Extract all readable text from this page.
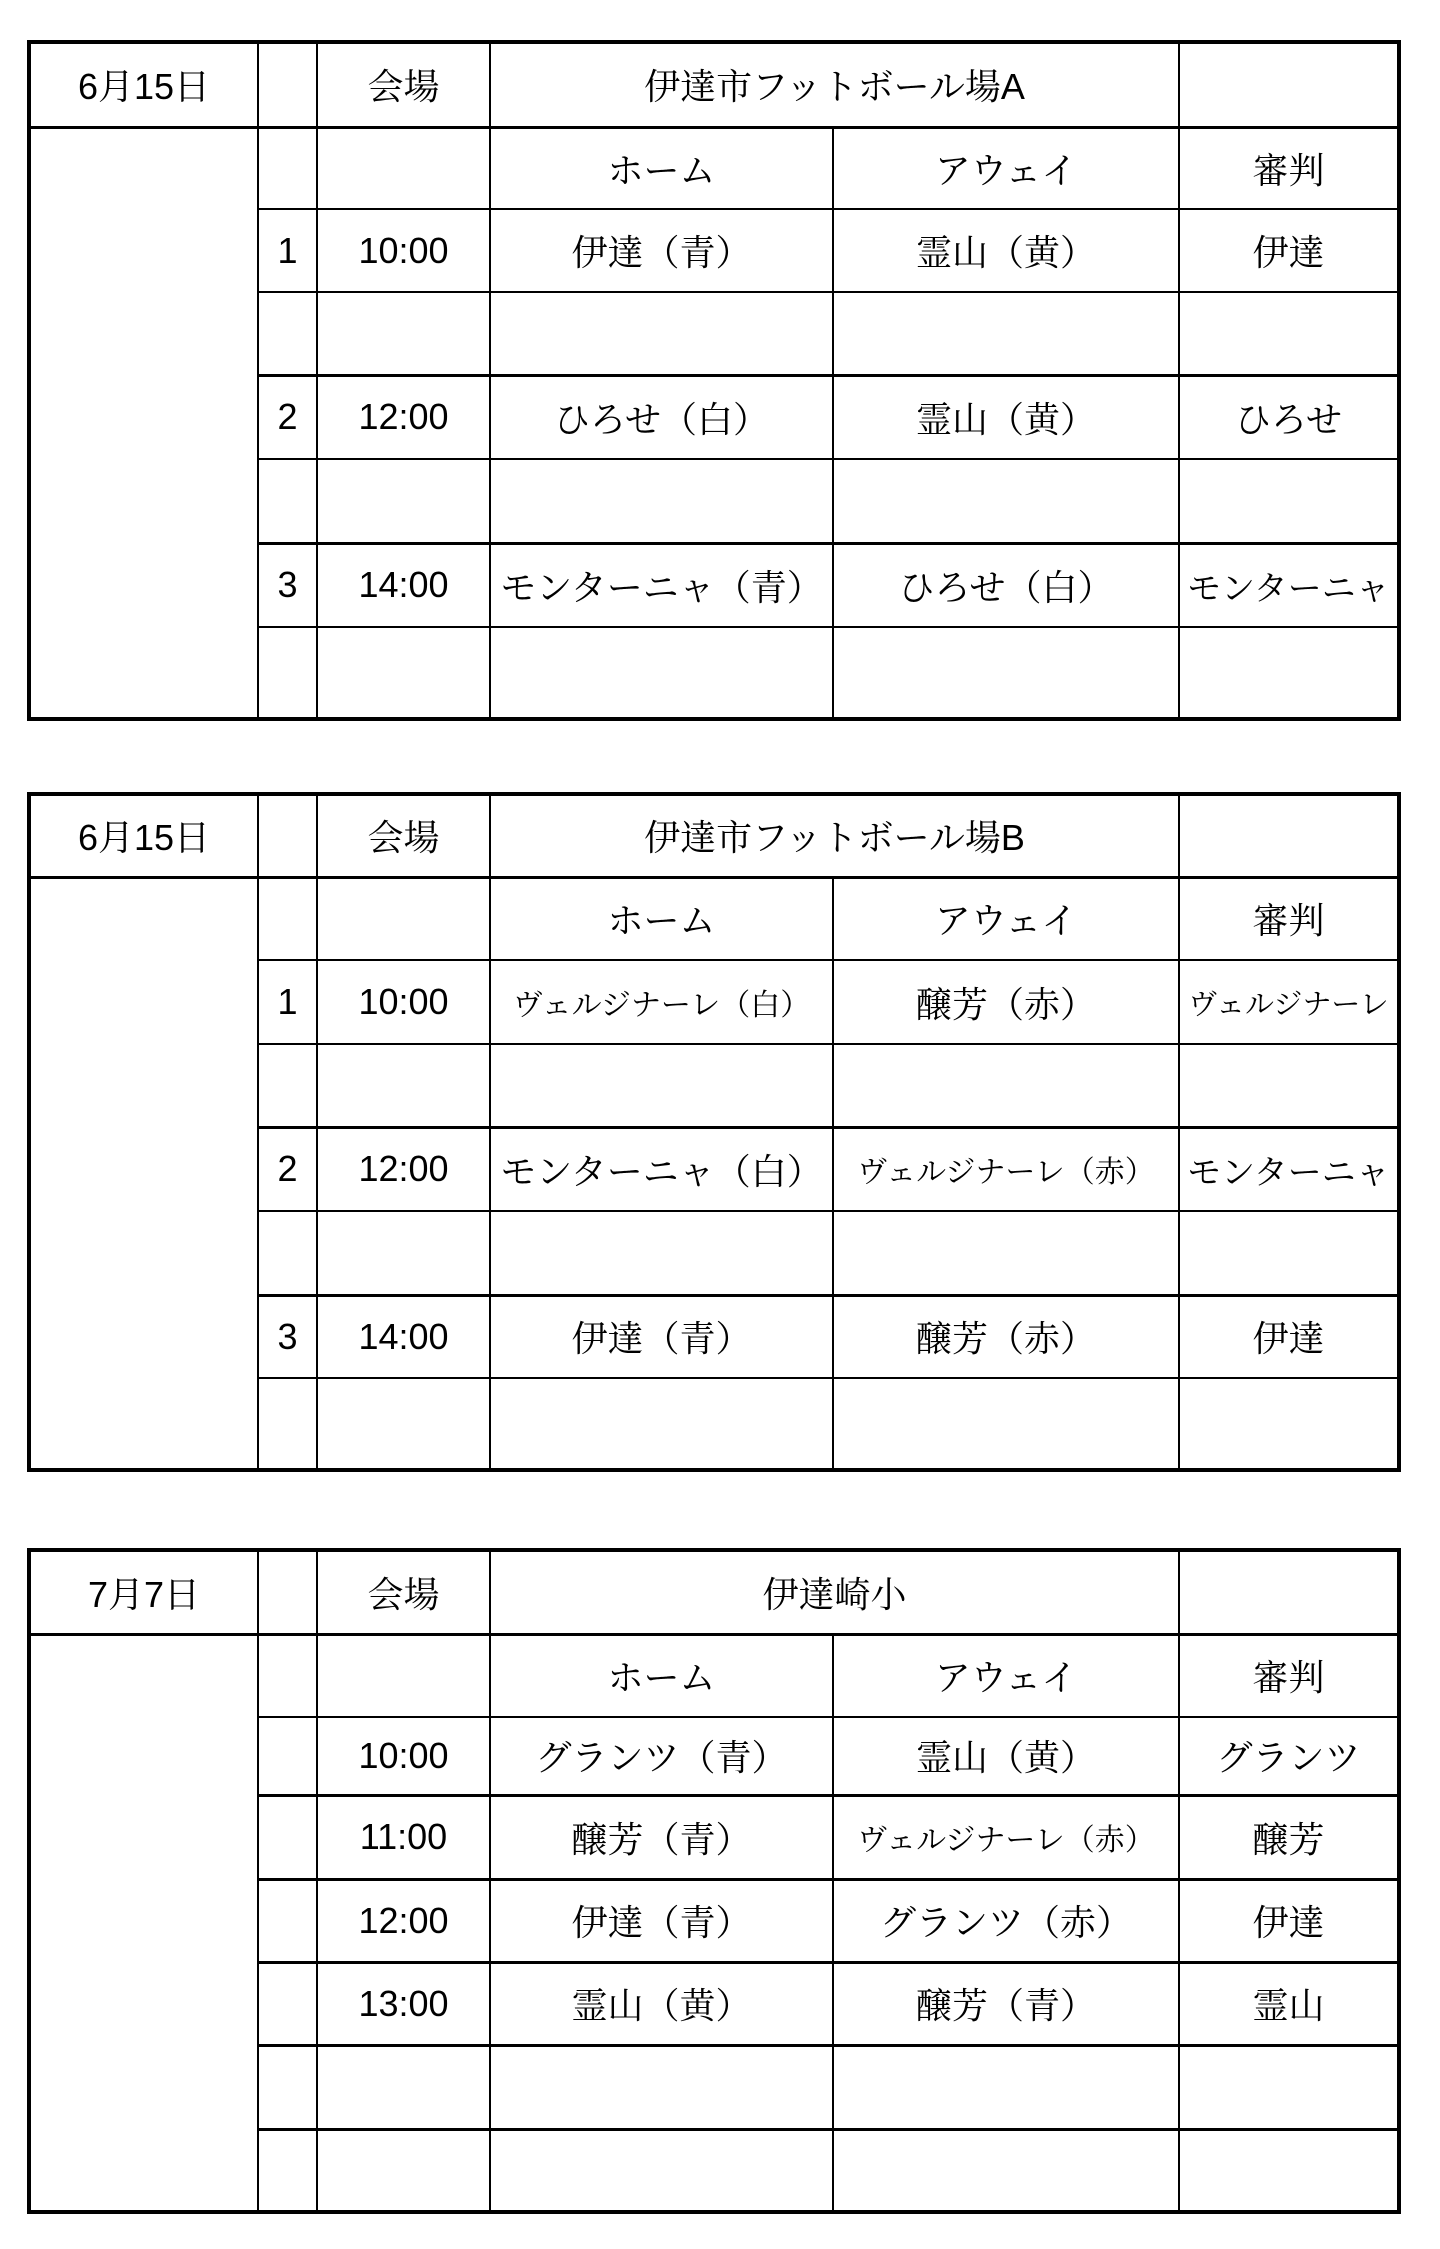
6月15日		会場	伊達市フットボール場A		
			ホーム	アウェイ	審判
	1	10:00	伊達（青）	霊山（黄）	伊達

	2	12:00	ひろせ（白）	霊山（黄）	ひろせ

	3	14:00	モンターニャ（青）	ひろせ（白）	モンターニャ

6月15日		会場	伊達市フットボール場B		
			ホーム	アウェイ	審判
	1	10:00	ヴェルジナーレ（白）	醸芳（赤）	ヴェルジナーレ

	2	12:00	モンターニャ（白）	ヴェルジナーレ（赤）	モンターニャ

	3	14:00	伊達（青）	醸芳（赤）	伊達

7月7日		会場	伊達崎小		
			ホーム	アウェイ	審判
		10:00	グランツ（青）	霊山（黄）	グランツ
		11:00	醸芳（青）	ヴェルジナーレ（赤）	醸芳
		12:00	伊達（青）	グランツ（赤）	伊達
		13:00	霊山（黄）	醸芳（青）	霊山
